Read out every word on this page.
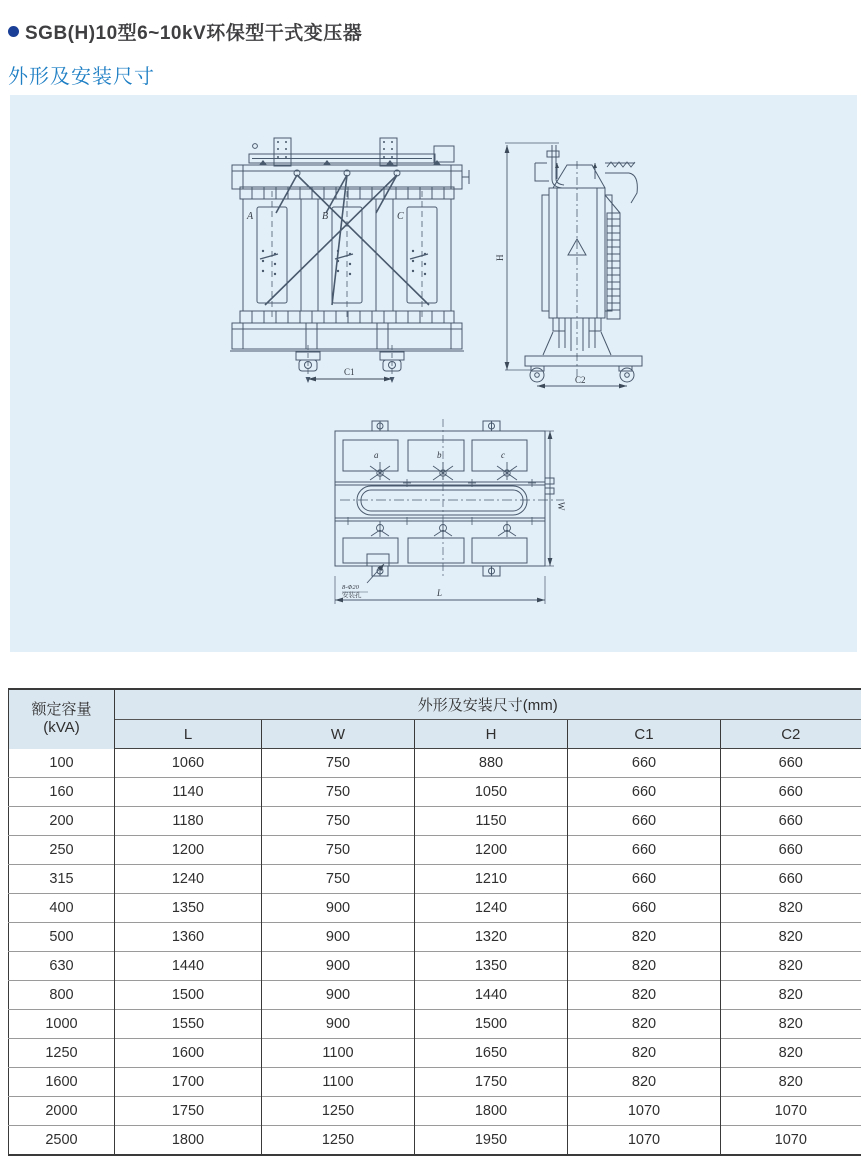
SGB(H)10型6~10kV环保型干式变压器
外形及安装尺寸
C1
A	B	C
H
C2
a	b	c
W
L
8-Φ20
安装孔
额定容量
(kVA)	外形及安装尺寸(mm)				
	L	W	H	C1	C2
100	1060	750	880	660	660
160	1140	750	1050	660	660
200	1180	750	1150	660	660
250	1200	750	1200	660	660
315	1240	750	1210	660	660
400	1350	900	1240	660	820
500	1360	900	1320	820	820
630	1440	900	1350	820	820
800	1500	900	1440	820	820
1000	1550	900	1500	820	820
1250	1600	1100	1650	820	820
1600	1700	1100	1750	820	820
2000	1750	1250	1800	1070	1070
2500	1800	1250	1950	1070	1070
